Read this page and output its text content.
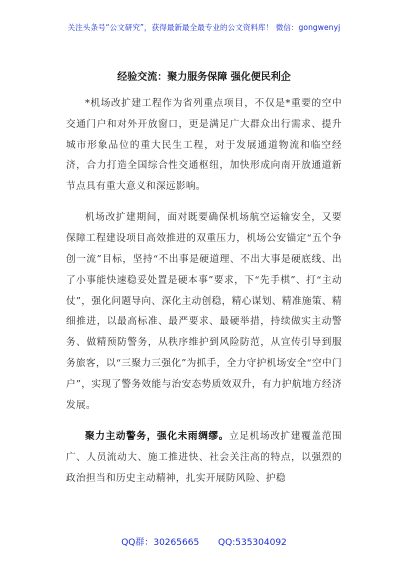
关注头条号“公文研究”，获得最新最全最专业的公文资料库！ 微信：gongwenyj
经验交流：聚力服务保障 强化便民利企

*机场改扩建工程作为省列重点项目，不仅是*重要的空中交通门户和对外开放窗口，更是满足广大群众出行需求、提升城市形象品位的重大民生工程，对于发展通道物流和临空经济，合力打造全国综合性交通枢纽，加快形成向南开放通道新节点具有重大意义和深远影响。

机场改扩建期间，面对既要确保机场航空运输安全，又要保障工程建设项目高效推进的双重压力，机场公安锚定“五个争创一流”目标，坚持“不出事是硬道理、不出大事是硬底线、出了小事能快速稳妥处置是硬本事”要求，下“先手棋”、打“主动仗”，强化问题导向、深化主动创稳，精心谋划、精准施策、精细推进，以最高标准、最严要求、最硬举措，持续做实主动警务、做精预防警务，从秩序维护到风险防范，从宣传引导到服务旅客，以“三聚力三强化”为抓手，全力守护机场安全“空中门户”，实现了警务效能与治安态势质效双升，有力护航地方经济发展。

聚力主动警务，强化未雨绸缪。立足机场改扩建覆盖范围广、人员流动大、施工推进快、社会关注高的特点，以强烈的政治担当和历史主动精神，扎实开展防风险、护稳

QQ群：30265665 QQ:535304092
